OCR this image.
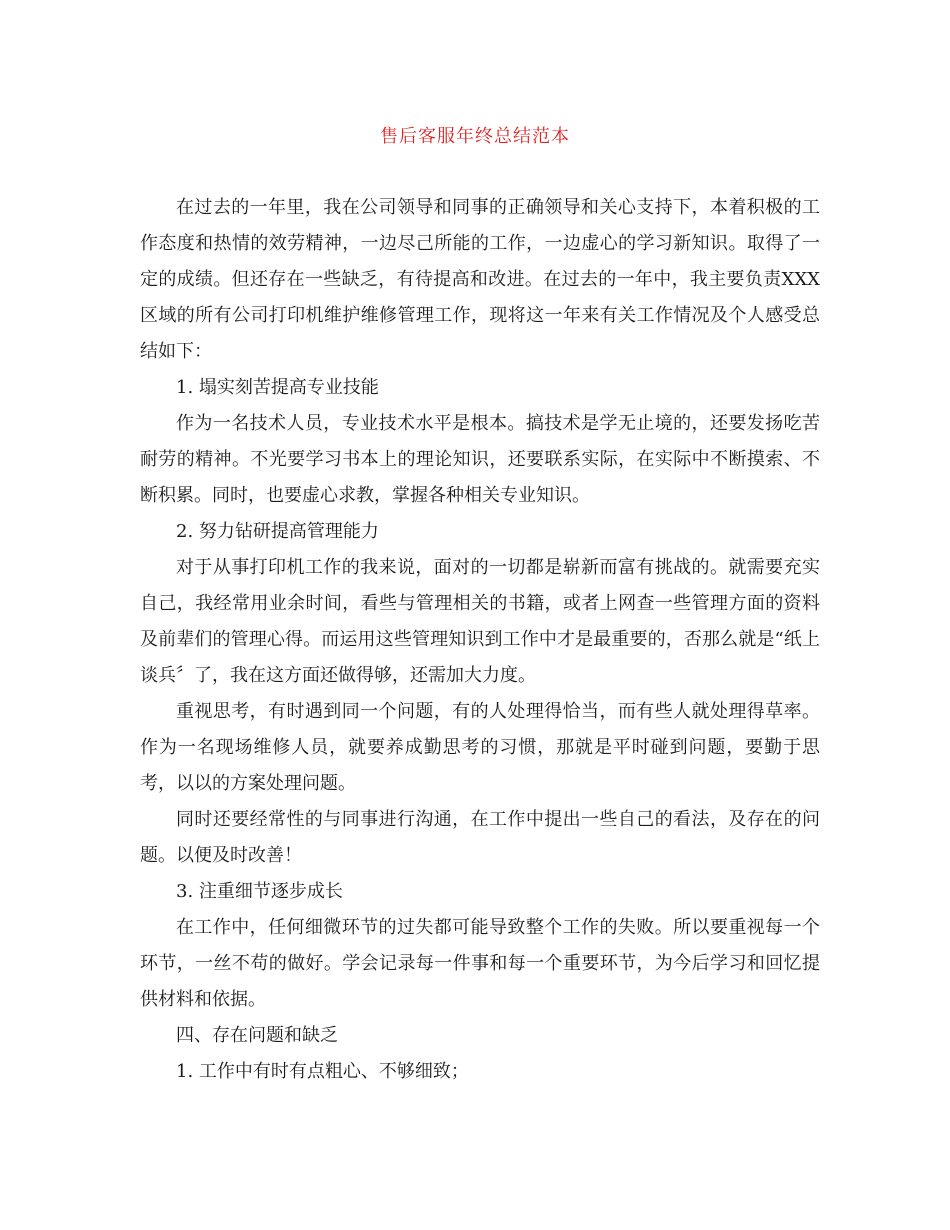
售后客服年终总结范本

在过去的一年里，我在公司领导和同事的正确领导和关心支持下，本着积极的工作态度和热情的效劳精神，一边尽己所能的工作，一边虚心的学习新知识。取得了一定的成绩。但还存在一些缺乏，有待提高和改进。在过去的一年中，我主要负责XXX区域的所有公司打印机维护维修管理工作，现将这一年来有关工作情况及个人感受总结如下：

1. 塌实刻苦提高专业技能

作为一名技术人员，专业技术水平是根本。搞技术是学无止境的，还要发扬吃苦耐劳的精神。不光要学习书本上的理论知识，还要联系实际，在实际中不断摸索、不断积累。同时，也要虚心求教，掌握各种相关专业知识。

2. 努力钻研提高管理能力

对于从事打印机工作的我来说，面对的一切都是崭新而富有挑战的。就需要充实自己，我经常用业余时间，看些与管理相关的书籍，或者上网查一些管理方面的资料及前辈们的管理心得。而运用这些管理知识到工作中才是最重要的，否那么就是“纸上谈兵〞了，我在这方面还做得够，还需加大力度。

重视思考，有时遇到同一个问题，有的人处理得恰当，而有些人就处理得草率。作为一名现场维修人员，就要养成勤思考的习惯，那就是平时碰到问题，要勤于思考，以以的方案处理问题。

同时还要经常性的与同事进行沟通，在工作中提出一些自己的看法，及存在的问题。以便及时改善！

3. 注重细节逐步成长

在工作中，任何细微环节的过失都可能导致整个工作的失败。所以要重视每一个环节，一丝不苟的做好。学会记录每一件事和每一个重要环节，为今后学习和回忆提供材料和依据。

四、存在问题和缺乏

1. 工作中有时有点粗心、不够细致；
